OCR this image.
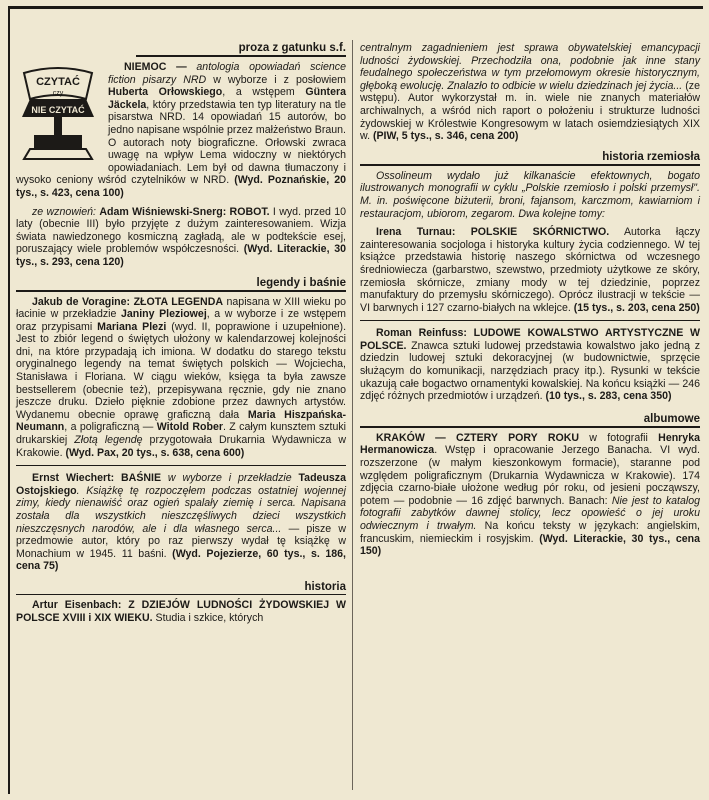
proza z gatunku s.f.
CZYTAĆ
czy
NIE CZYTAĆ

NIEMOC — antologia opowiadań science fiction pisarzy NRD w wyborze i z posłowiem Huberta Orłowskiego, a wstępem Güntera Jäckela, który przedstawia ten typ literatury na tle pisarstwa NRD. 14 opowiadań 15 autorów, bo jedno napisane wspólnie przez małżeństwo Braun. O autorach noty biograficzne. Orłowski zwraca uwagę na wpływ Lema widoczny w niektórych opowiadaniach. Lem był od dawna tłumaczony i wysoko ceniony wśród czytelników w NRD. (Wyd. Poznańskie, 20 tys., s. 423, cena 100)

ze wznowień: Adam Wiśniewski-Snerg: ROBOT. I wyd. przed 10 laty (obecnie III) było przyjęte z dużym zainteresowaniem. Wizja świata nawiedzonego kosmiczną zagładą, ale w podtekście esej, poruszający wiele problemów współczesności. (Wyd. Literackie, 30 tys., s. 293, cena 120)

legendy i baśnie

Jakub de Voragine: ZŁOTA LEGENDA napisana w XIII wieku po łacinie w przekładzie Janiny Pleziowej, a w wyborze i ze wstępem oraz przypisami Mariana Plezi (wyd. II, poprawione i uzupełnione). Jest to zbiór legend o świętych ułożony w kalendarzowej kolejności dni, na które przypadają ich imiona. W dodatku do starego tekstu oryginalnego legendy na temat świętych polskich — Wojciecha, Stanisława i Floriana. W ciągu wieków, księga ta była zawsze bestsellerem (obecnie też), przepisywana ręcznie, gdy nie znano jeszcze druku. Dzieło pięknie zdobione przez dawnych artystów. Wydanemu obecnie oprawę graficzną dała Maria Hiszpańska-Neumann, a poligraficzną — Witold Rober. Z całym kunsztem sztuki drukarskiej Złotą legendę przygotowała Drukarnia Wydawnicza w Krakowie. (Wyd. Pax, 20 tys., s. 638, cena 600)

Ernst Wiechert: BAŚNIE w wyborze i przekładzie Tadeusza Ostojskiego. Książkę tę rozpoczęłem podczas ostatniej wojennej zimy, kiedy nienawiść oraz ogień spalały ziemię i serca. Napisana została dla wszystkich nieszczęśliwych dzieci wszystkich nieszczęsnych narodów, ale i dla własnego serca... — pisze w przedmowie autor, który po raz pierwszy wydał tę książkę w Monachium w 1945. 11 baśni. (Wyd. Pojezierze, 60 tys., s. 186, cena 75)

historia

Artur Eisenbach: Z DZIEJÓW LUDNOŚCI ŻYDOWSKIEJ W POLSCE XVIII i XIX WIEKU. Studia i szkice, których

centralnym zagadnieniem jest sprawa obywatelskiej emancypacji ludności żydowskiej. Przechodziła ona, podobnie jak inne stany feudalnego społeczeństwa w tym przełomowym okresie historycznym, głęboką ewolucję. Znalazło to odbicie w wielu dziedzinach jej życia... (ze wstępu). Autor wykorzystał m. in. wiele nie znanych materiałów archiwalnych, a wśród nich raport o położeniu i strukturze ludności żydowskiej w Królestwie Kongresowym w latach osiemdziesiątych XIX w. (PIW, 5 tys., s. 346, cena 200)

historia rzemiosła

Ossolineum wydało już kilkanaście efektownych, bogato ilustrowanych monografii w cyklu „Polskie rzemiosło i polski przemysł". M. in. poświęcone biżuterii, broni, fajansom, karczmom, kawiarniom i restauracjom, ubiorom, zegarom. Dwa kolejne tomy:

Irena Turnau: POLSKIE SKÓRNICTWO. Autorka łączy zainteresowania socjologa i historyka kultury życia codziennego. W tej książce przedstawia historię naszego skórnictwa od wczesnego średniowiecza (garbarstwo, szewstwo, przedmioty użytkowe ze skóry, rzemiosła skórnicze, zmiany mody w tej dziedzinie, poprzez manufaktury do przemysłu skórniczego). Oprócz ilustracji w tekście — VI barwnych i 127 czarno-białych na wklejce. (15 tys., s. 203, cena 250)

Roman Reinfuss: LUDOWE KOWALSTWO ARTYSTYCZNE W POLSCE. Znawca sztuki ludowej przedstawia kowalstwo jako jedną z dziedzin ludowej sztuki dekoracyjnej (w budownictwie, sprzęcie służącym do komunikacji, narzędziach pracy itp.). Rysunki w tekście ukazują całe bogactwo ornamentyki kowalskiej. Na końcu książki — 246 zdjęć różnych przedmiotów i urządzeń. (10 tys., s. 283, cena 350)

albumowe

KRAKÓW — CZTERY PORY ROKU w fotografii Henryka Hermanowicza. Wstęp i opracowanie Jerzego Banacha. VI wyd. rozszerzone (w małym kieszonkowym formacie), staranne pod względem poligraficznym (Drukarnia Wydawnicza w Krakowie). 174 zdjęcia czarno-białe ułożone według pór roku, od jesieni począwszy, potem — podobnie — 16 zdjęć barwnych. Banach: Nie jest to katalog fotografii zabytków dawnej stolicy, lecz opowieść o jej uroku odwiecznym i trwałym. Na końcu teksty w językach: angielskim, francuskim, niemieckim i rosyjskim. (Wyd. Literackie, 30 tys., cena 150)
